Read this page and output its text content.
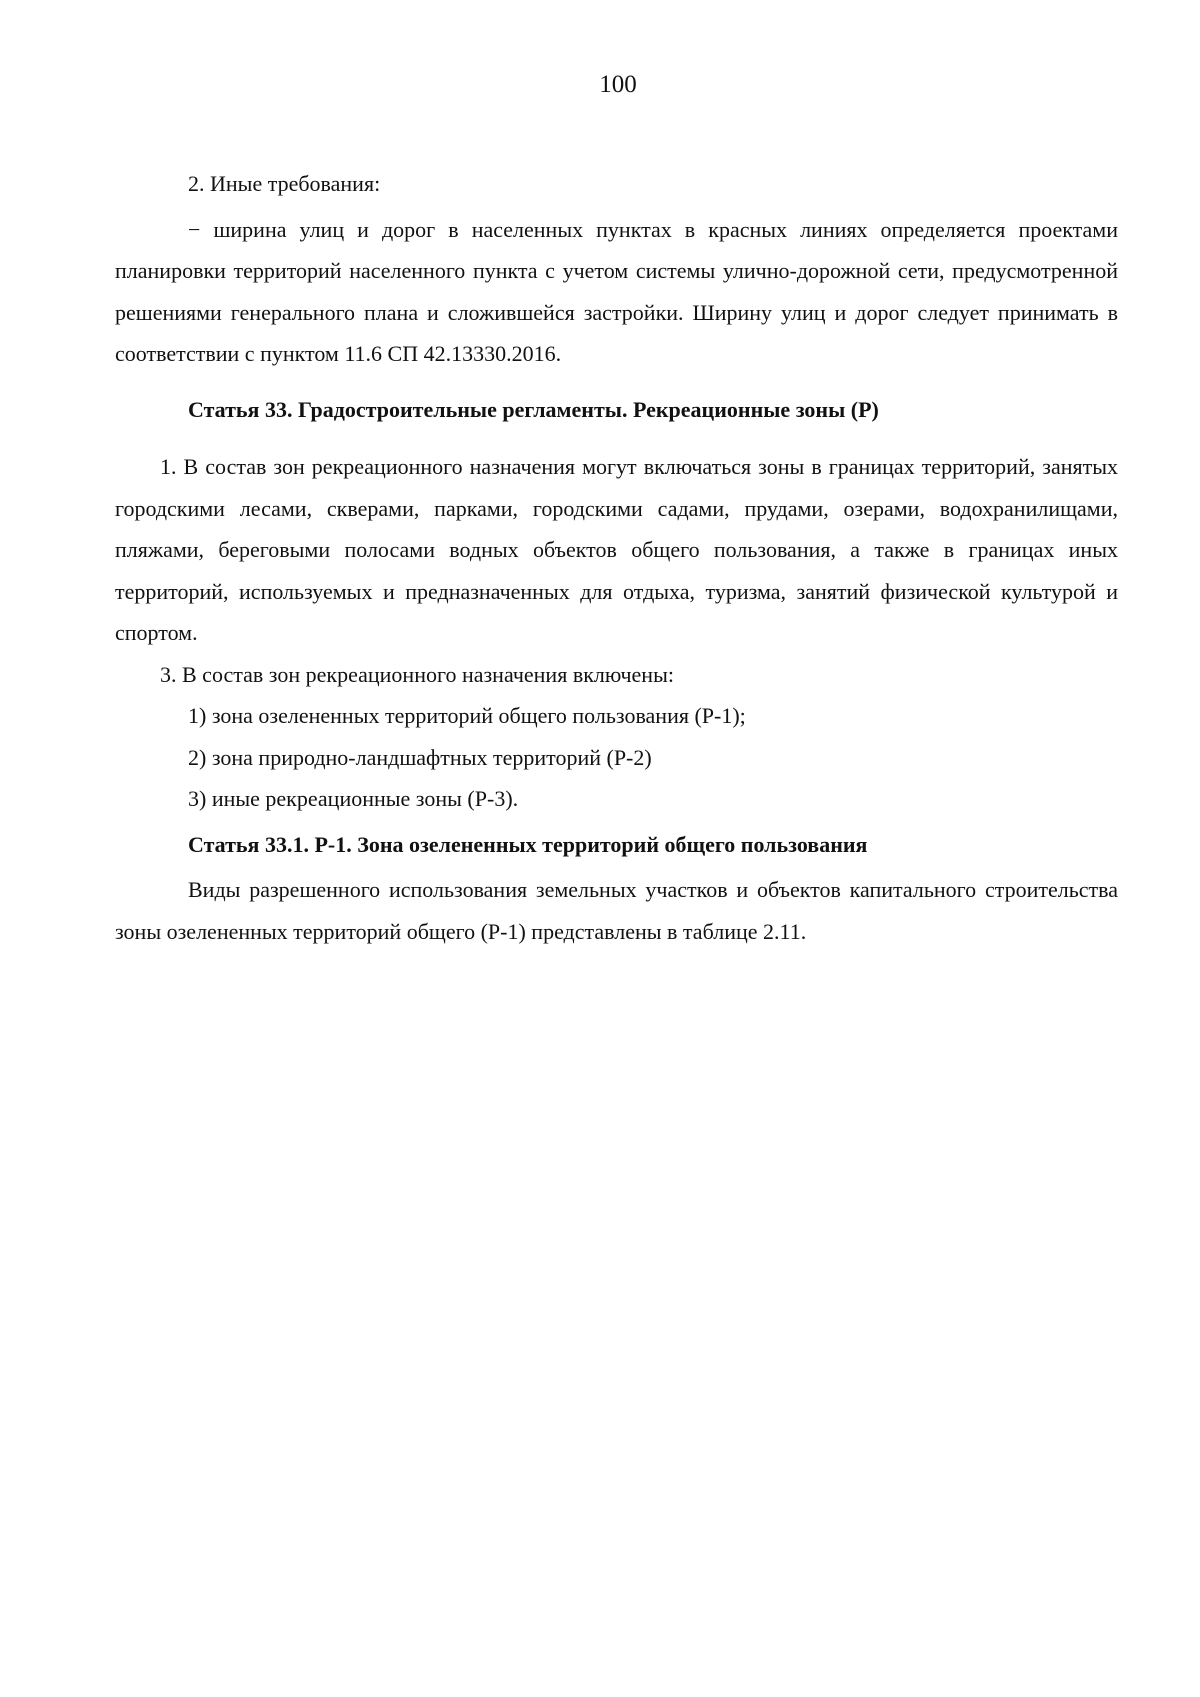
100

2. Иные требования:

− ширина улиц и дорог в населенных пунктах в красных линиях определяется проектами планировки территорий населенного пункта с учетом системы улично-дорожной сети, предусмотренной решениями генерального плана и сложившейся застройки. Ширину улиц и дорог следует принимать в соответствии с пунктом 11.6 СП 42.13330.2016.

Статья 33. Градостроительные регламенты. Рекреационные зоны (Р)

1. В состав зон рекреационного назначения могут включаться зоны в границах территорий, занятых городскими лесами, скверами, парками, городскими садами, прудами, озерами, водохранилищами, пляжами, береговыми полосами водных объектов общего пользования, а также в границах иных территорий, используемых и предназначенных для отдыха, туризма, занятий физической культурой и спортом.

3. В состав зон рекреационного назначения включены:

1) зона озелененных территорий общего пользования (Р-1);

2) зона природно-ландшафтных территорий (Р-2)

3) иные рекреационные зоны (Р-3).

Статья 33.1. Р-1. Зона озелененных территорий общего пользования

Виды разрешенного использования земельных участков и объектов капитального строительства зоны озелененных территорий общего (Р-1) представлены в таблице 2.11.
